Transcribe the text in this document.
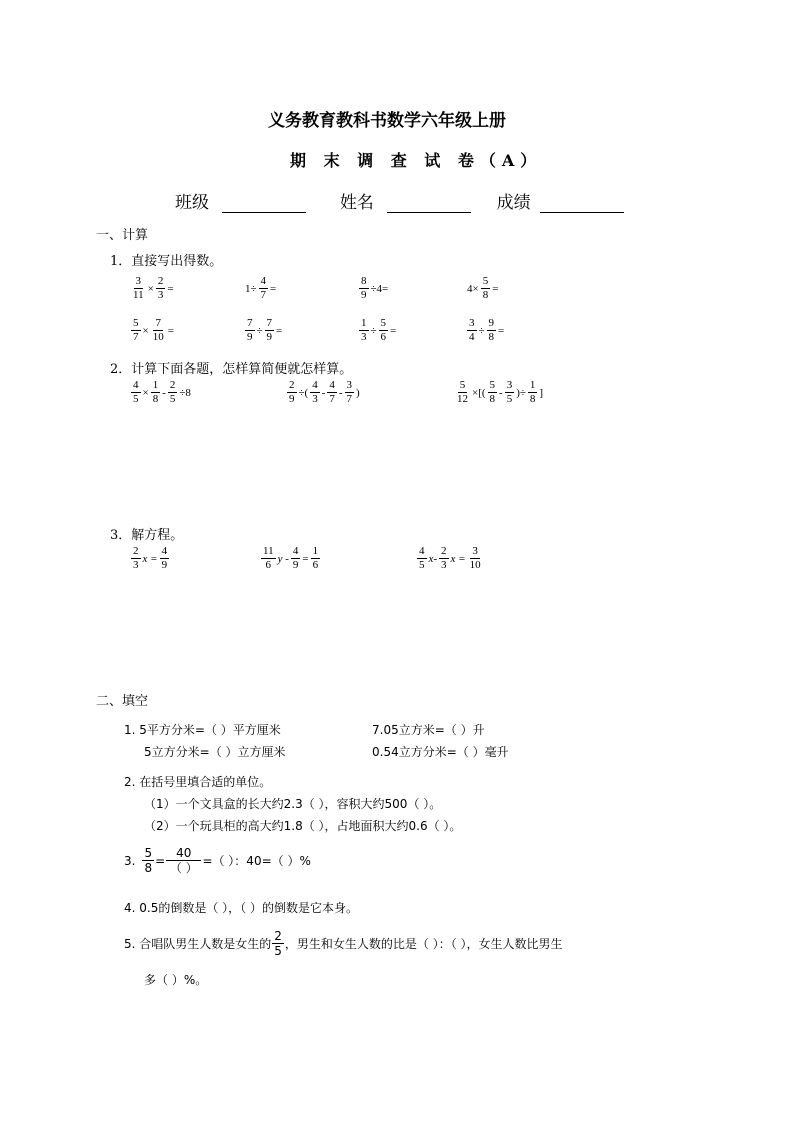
义务教育教科书数学六年级上册
期 末 调 查 试 卷（A）
班级	姓名	成绩
一、计算
1．直接写出得数。
$\frac{3}{11} \times \frac{2}{3}$ =	$1\div \frac{4}{7}$ =	$\frac{8}{9} \div 4=$	$4\times \frac{5}{8}$ =
$\frac{5}{7} \times \frac{7}{10}$ =	$\frac{7}{9} \div \frac{7}{9}$ =	$\frac{1}{3} \div \frac{5}{6}$ =	$\frac{3}{4} \div \frac{9}{8}$ =
2．计算下面各题，怎样算简便就怎样算。
$\frac{4}{5} \times \frac{1}{8} - \frac{2}{5} \div 8$	$\frac{2}{9}$ ÷( $\frac{4}{3} - \frac{4}{7} - \frac{3}{7}$ )	$\frac{5}{12}$ ×[( $\frac{5}{8} - \frac{3}{5}$ )÷ $\frac{1}{8}$ ]
3．解方程。
$\frac{2}{3}$ $x = \frac{4}{9}$	$\frac{11}{6}$ $y - \frac{4}{9} = \frac{1}{6}$	$\frac{4}{5} x- \frac{2}{3}$ $x = \frac{3}{10}$
二、填空
1. 5平方分米=（ ）平方厘米	7.05立方米=（ ）升
5立方分米=（ ）立方厘米	0.54立方分米=（ ）毫升
2. 在括号里填合适的单位。
（1）一个文具盒的长大约2.3（ ），容积大约500（ ）。
（2）一个玩具柜的高大约1.8（ ），占地面积大约0.6（ ）。
3. $\frac{5}{8} = \frac{40}{( )}$ =（ ）：40=（ ）%
4. 0.5的倒数是（ ），（ ）的倒数是它本身。
5. 合唱队男生人数是女生的 $\frac{2}{5}$ ，男生和女生人数的比是（ ）：（ ），女生人数比男生
多（ ）%。
